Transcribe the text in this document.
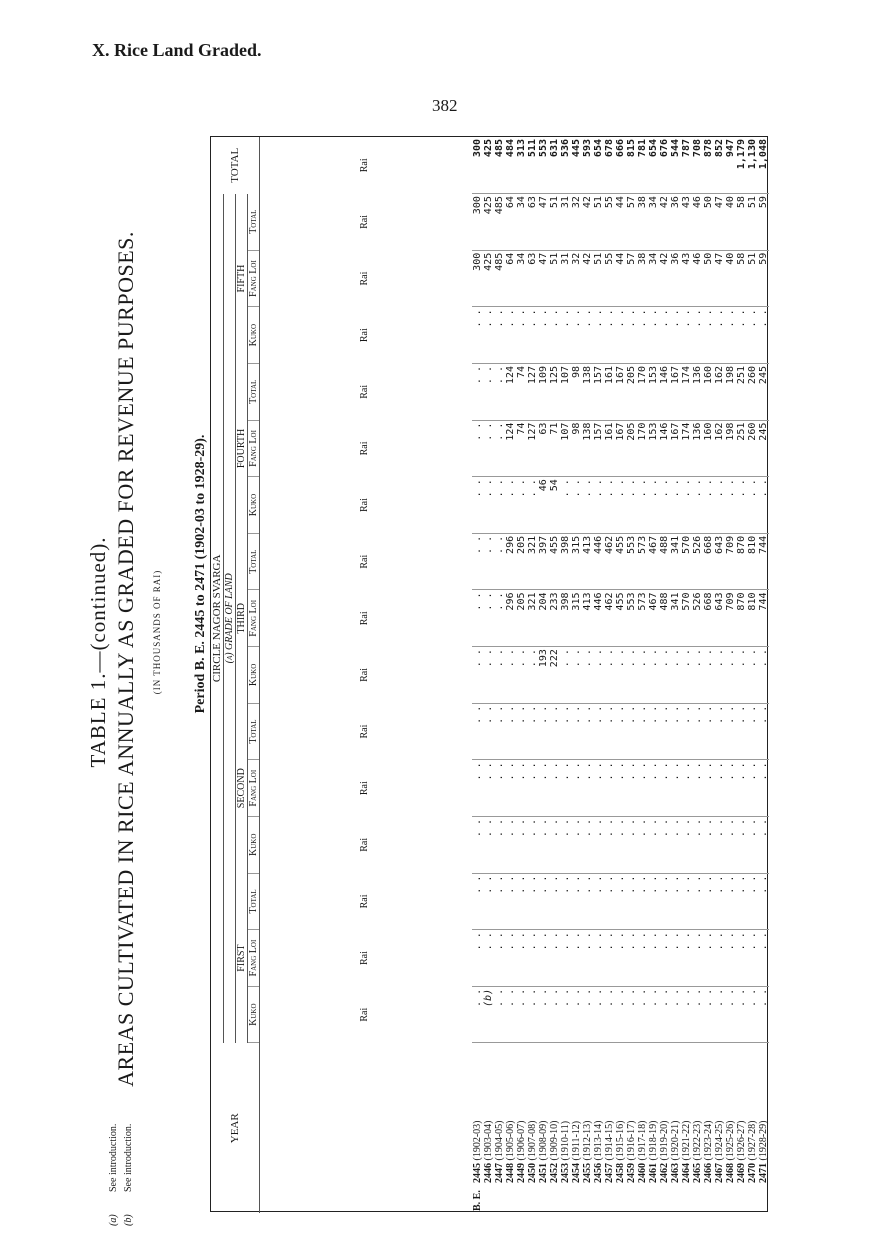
X. Rice Land Graded.
382
TABLE 1.—(continued). AREAS CULTIVATED IN RICE ANNUALLY AS GRADED FOR REVENUE PURPOSES.	(IN THOUSANDS OF RAI)	Period B. E. 2445 to 2471 (1902-03 to 1928-29).
YEAR	CIRCLE NAGOR SVARGA															TOTAL
	(a) GRADE OF LAND															
	FIRST			SECOND			THIRD			FOURTH			FIFTH			
	Kuko	Fang Loi	Total	Kuko	Fang Loi	Total	Kuko	Fang Loi	Total	Kuko	Fang Loi	Total	Kuko	Fang Loi	Total	
	Rai	Rai	Rai	Rai	Rai	Rai	Rai	Rai	Rai	Rai	Rai	Rai	Rai	Rai	Rai	Rai
B. E.2445 (1902-03)	. .	. .	. .	. .	. .	. .	. .	. .	. .	. .	. .	. .	. .	300	300	300
2446 (1903-04)	(b)	. .	. .	. .	. .	. .	. .	. .	. .	. .	. .	. .	. .	425	425	425
2447 (1904-05)	. .	. .	. .	. .	. .	. .	. .	. .	. .	. .	. .	. .	. .	485	485	485
2448 (1905-06)	. .	. .	. .	. .	. .	. .	. .	296	296	. .	124	124	. .	64	64	484
2449 (1906-07)	. .	. .	. .	. .	. .	. .	. .	205	205	. .	74	74	. .	34	34	313
2450 (1907-08)	. .	. .	. .	. .	. .	. .	. .	321	321	. .	127	127	. .	63	63	511
2451 (1908-09)	. .	. .	. .	. .	. .	. .	193	204	397	46	63	109	. .	47	47	553
2452 (1909-10)	. .	. .	. .	. .	. .	. .	222	233	455	54	71	125	. .	51	51	631
2453 (1910-11)	. .	. .	. .	. .	. .	. .	. .	398	398	. .	107	107	. .	31	31	536
2454 (1911-12)	. .	. .	. .	. .	. .	. .	. .	315	315	. .	98	98	. .	32	32	445
2455 (1912-13)	. .	. .	. .	. .	. .	. .	. .	413	413	. .	138	138	. .	42	42	593
2456 (1913-14)	. .	. .	. .	. .	. .	. .	. .	446	446	. .	157	157	. .	51	51	654
2457 (1914-15)	. .	. .	. .	. .	. .	. .	. .	462	462	. .	161	161	. .	55	55	678
2458 (1915-16)	. .	. .	. .	. .	. .	. .	. .	455	455	. .	167	167	. .	44	44	666
2459 (1916-17)	. .	. .	. .	. .	. .	. .	. .	553	553	. .	205	205	. .	57	57	815
2460 (1917-18)	. .	. .	. .	. .	. .	. .	. .	573	573	. .	170	170	. .	38	38	781
2461 (1918-19)	. .	. .	. .	. .	. .	. .	. .	467	467	. .	153	153	. .	34	34	654
2462 (1919-20)	. .	. .	. .	. .	. .	. .	. .	488	488	. .	146	146	. .	42	42	676
2463 (1920-21)	. .	. .	. .	. .	. .	. .	. .	341	341	. .	167	167	. .	36	36	544
2464 (1921-22)	. .	. .	. .	. .	. .	. .	. .	570	570	. .	174	174	. .	43	43	787
2465 (1922-23)	. .	. .	. .	. .	. .	. .	. .	526	526	. .	136	136	. .	46	46	708
2466 (1923-24)	. .	. .	. .	. .	. .	. .	. .	668	668	. .	160	160	. .	50	50	878
2467 (1924-25)	. .	. .	. .	. .	. .	. .	. .	643	643	. .	162	162	. .	47	47	852
2468 (1925-26)	. .	. .	. .	. .	. .	. .	. .	709	709	. .	198	198	. .	40	40	947
2469 (1926-27)	. .	. .	. .	. .	. .	. .	. .	870	870	. .	251	251	. .	58	58	1,179
2470 (1927-28)	. .	. .	. .	. .	. .	. .	. .	810	810	. .	260	260	. .	51	51	1,130
2471 (1928-29)	. .	. .	. .	. .	. .	. .	. .	744	744	. .	245	245	. .	59	59	1,048
(a)
See introduction.
(b)
See introduction.
